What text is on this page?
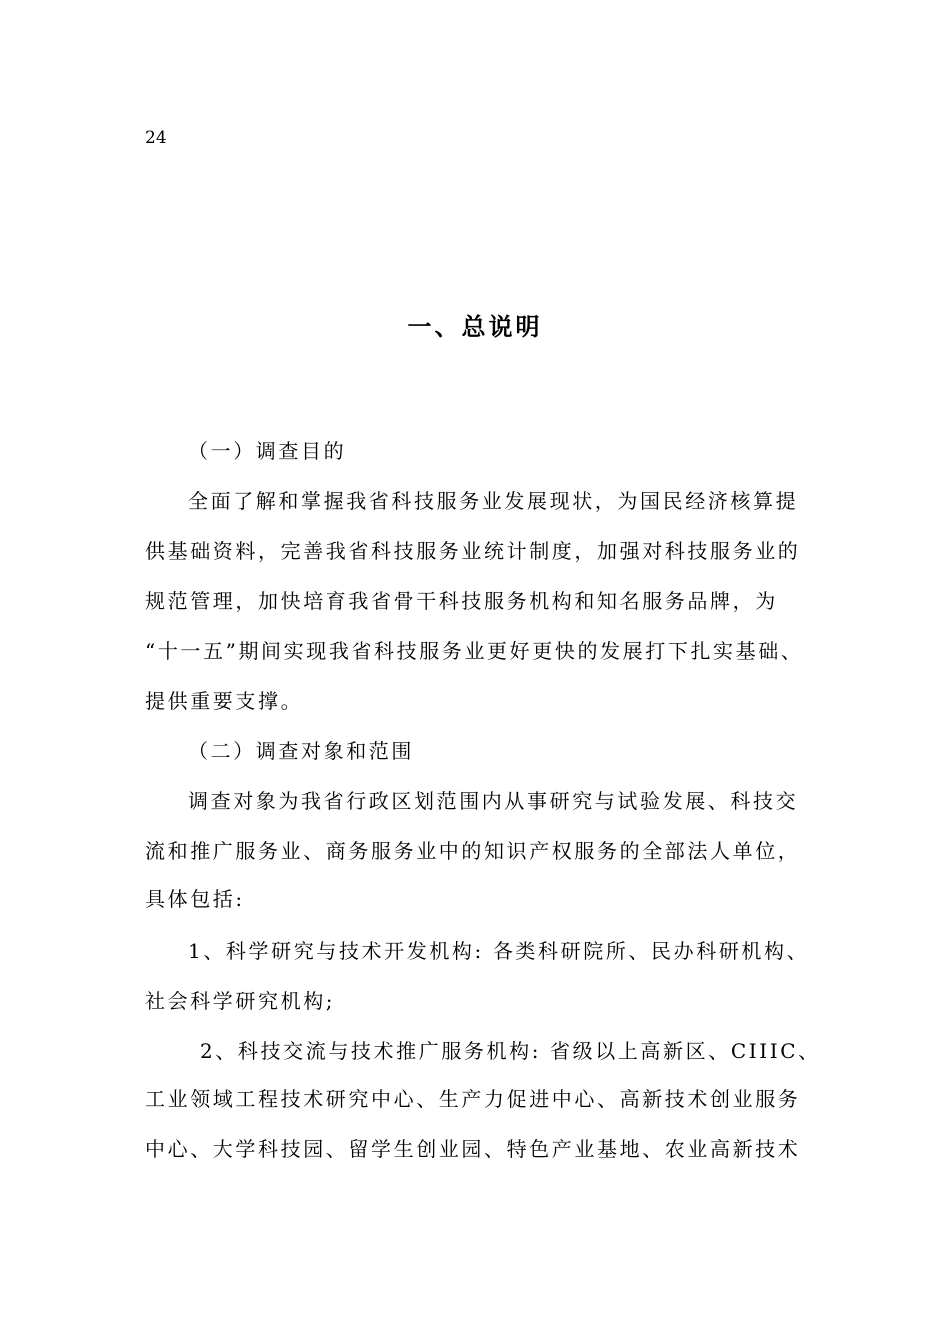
24
一、总说明
（一）调查目的
全面了解和掌握我省科技服务业发展现状，为国民经济核算提
供基础资料，完善我省科技服务业统计制度，加强对科技服务业的
规范管理，加快培育我省骨干科技服务机构和知名服务品牌，为
“十一五”期间实现我省科技服务业更好更快的发展打下扎实基础、
提供重要支撑。
（二）调查对象和范围
调查对象为我省行政区划范围内从事研究与试验发展、科技交
流和推广服务业、商务服务业中的知识产权服务的全部法人单位，
具体包括:
1、科学研究与技术开发机构: 各类科研院所、民办科研机构、
社会科学研究机构;
2、科技交流与技术推广服务机构: 省级以上高新区、CIIIC、
工业领域工程技术研究中心、生产力促进中心、高新技术创业服务
中心、大学科技园、留学生创业园、特色产业基地、农业高新技术
